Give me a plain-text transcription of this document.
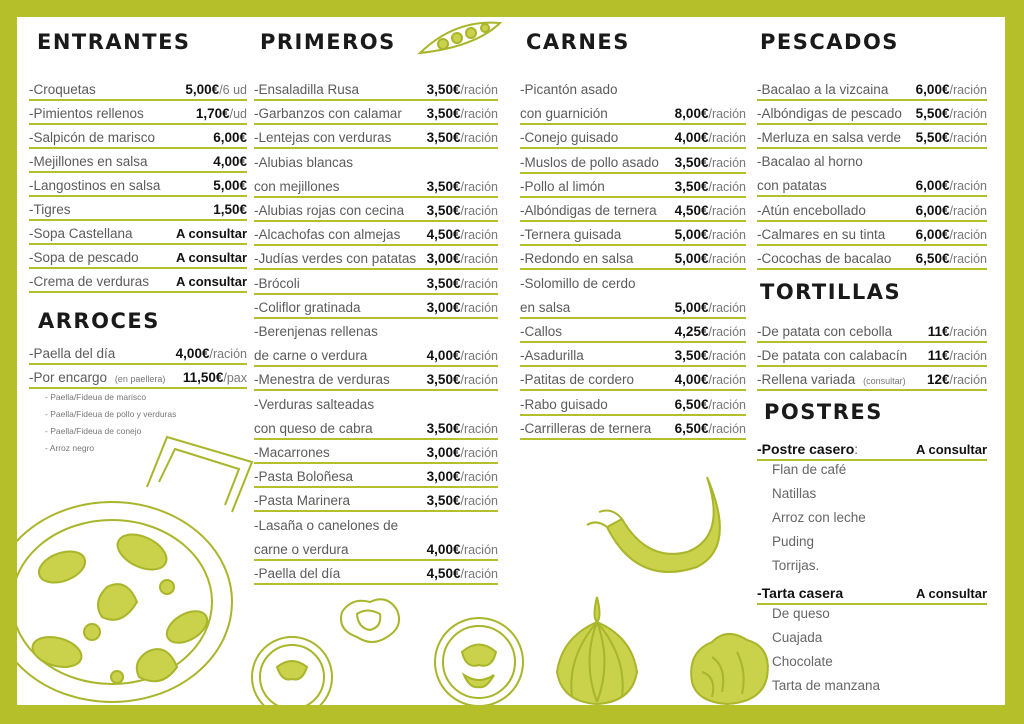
ENTRANTES
-Croquetas	5,00€/6 ud
-Pimientos rellenos	1,70€/ud
-Salpicón de marisco	6,00€
-Mejillones en salsa	4,00€
-Langostinos en salsa	5,00€
-Tigres	1,50€
-Sopa Castellana	A consultar
-Sopa de pescado	A consultar
-Crema de verduras A consultar
ARROCES
-Paella del día	4,00€/ración
-Por encargo (en paellera) 11,50€/pax
- Paella/Fideua de marisco
- Paella/Fideua de pollo y verduras
- Paella/Fideua de conejo
- Arroz negro
PRIMEROS
-Ensaladilla Rusa	3,50€/ración
-Garbanzos con calamar 3,50€/ración
-Lentejas con verduras	3,50€/ración
-Alubias blancas
con mejillones	3,50€/ración
-Alubias rojas con cecina 3,50€/ración
-Alcachofas con almejas 4,50€/ración
-Judías verdes con patatas 3,00€/ración
-Brócoli	3,50€/ración
-Coliflor gratinada	3,00€/ración
-Berenjenas rellenas
de carne o verdura	4,00€/ración
-Menestra de verduras	3,50€/ración
-Verduras salteadas
con queso de cabra	3,50€/ración
-Macarrones	3,00€/ración
-Pasta Boloñesa	3,00€/ración
-Pasta Marinera	3,50€/ración
-Lasaña o canelones de
carne o verdura	4,00€/ración
-Paella del día	4,50€/ración
CARNES
-Picantón asado
con guarnición	8,00€/ración
-Conejo guisado	4,00€/ración
-Muslos de pollo asado 3,50€/ración
-Pollo al limón	3,50€/ración
-Albóndigas de ternera 4,50€/ración
-Ternera guisada	5,00€/ración
-Redondo en salsa	5,00€/ración
-Solomillo de cerdo
en salsa	5,00€/ración
-Callos	4,25€/ración
-Asadurilla	3,50€/ración
-Patitas de cordero	4,00€/ración
-Rabo guisado	6,50€/ración
-Carrilleras de ternera 6,50€/ración
PESCADOS
-Bacalao a la vizcaina 6,00€/ración
-Albóndigas de pescado 5,50€/ración
-Merluza en salsa verde 5,50€/ración
-Bacalao al horno
con patatas	6,00€/ración
-Atún encebollado	6,00€/ración
-Calmares en su tinta 6,00€/ración
-Cocochas de bacalao 6,50€/ración
TORTILLAS
-De patata con cebolla	11€/ración
-De patata con calabacín 11€/ración
-Rellena variada (consultar) 12€/ración
POSTRES
-Postre casero:	A consultar
Flan de café
Natillas
Arroz con leche
Puding
Torrijas.
-Tarta casera	A consultar
De queso
Cuajada
Chocolate
Tarta de manzana
